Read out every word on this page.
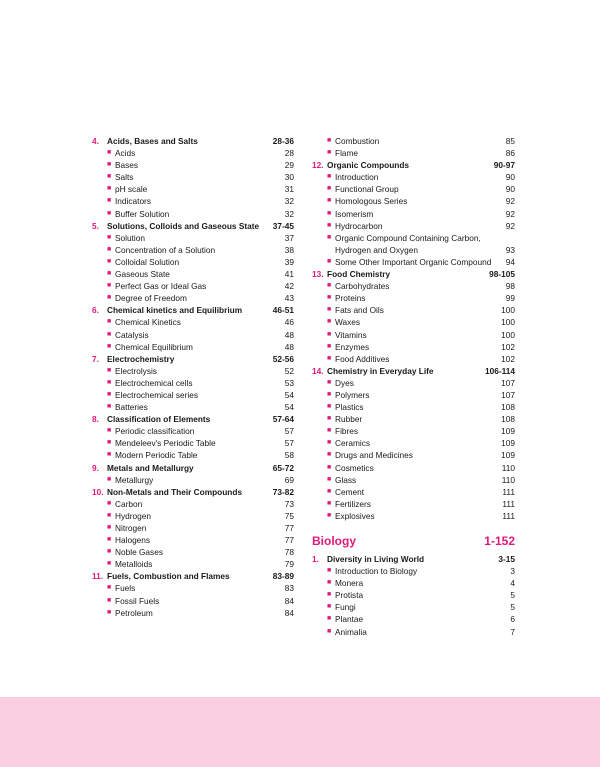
4. Acids, Bases and Salts	28-36
■ Acids	28
■ Bases	29
■ Salts	30
■ pH scale	31
■ Indicators	32
■ Buffer Solution	32
5. Solutions, Colloids and Gaseous State 37-45
■ Solution	37
■ Concentration of a Solution	38
■ Colloidal Solution	39
■ Gaseous State	41
■ Perfect Gas or Ideal Gas	42
■ Degree of Freedom	43
6. Chemical kinetics and Equilibrium	46-51
■ Chemical Kinetics	46
■ Catalysis	48
■ Chemical Equilibrium	48
7. Electrochemistry	52-56
■ Electrolysis	52
■ Electrochemical cells	53
■ Electrochemical series	54
■ Batteries	54
8. Classification of Elements	57-64
■ Periodic classification	57
■ Mendeleev's Periodic Table	57
■ Modern Periodic Table	58
9. Metals and Metallurgy	65-72
■ Metallurgy	69
10. Non-Metals and Their Compounds	73-82
■ Carbon	73
■ Hydrogen	75
■ Nitrogen	77
■ Halogens	77
■ Noble Gases	78
■ Metalloids	79
11. Fuels, Combustion and Flames	83-89
■ Fuels	83
■ Fossil Fuels	84
■ Petroleum	84
■ Combustion	85
■ Flame	86
12. Organic Compounds	90-97
■ Introduction	90
■ Functional Group	90
■ Homologous Series	92
■ Isomerism	92
■ Hydrocarbon	92
■ Organic Compound Containing Carbon, Hydrogen and Oxygen	93
■ Some Other Important Organic Compound 94
13. Food Chemistry	98-105
■ Carbohydrates	98
■ Proteins	99
■ Fats and Oils	100
■ Waxes	100
■ Vitamins	100
■ Enzymes	102
■ Food Additives	102
14. Chemistry in Everyday Life	106-114
■ Dyes	107
■ Polymers	107
■ Plastics	108
■ Rubber	108
■ Fibres	109
■ Ceramics	109
■ Drugs and Medicines	109
■ Cosmetics	110
■ Glass	110
■ Cement	111
■ Fertilizers	111
■ Explosives	111
Biology	1-152
1. Diversity in Living World	3-15
■ Introduction to Biology	3
■ Monera	4
■ Protista	5
■ Fungi	5
■ Plantae	6
■ Animalia	7
